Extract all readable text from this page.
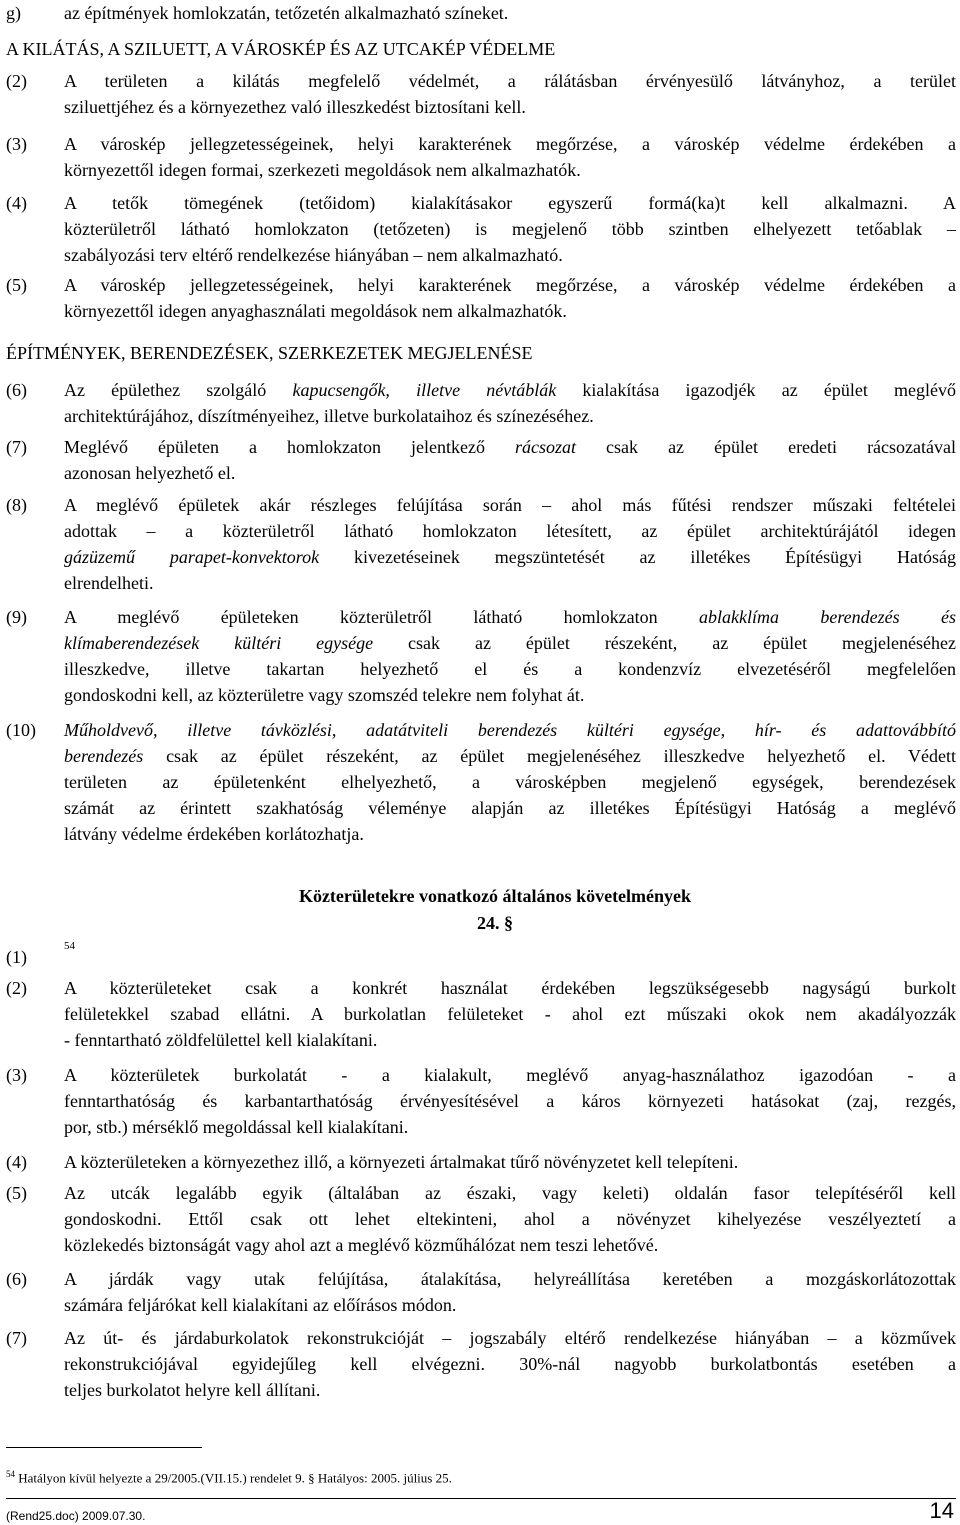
g) az építmények homlokzatán, tetőzetén alkalmazható színeket.
A KILÁTÁS, A SZILUETT, A VÁROSKÉP ÉS AZ UTCAKÉP VÉDELME
(2) A területen a kilátás megfelelő védelmét, a rálátásban érvényesülő látványhoz, a terület
sziluettjéhez és a környezethez való illeszkedést biztosítani kell.
(3) A városkép jellegzetességeinek, helyi karakterének megőrzése, a városkép védelme érdekében a
környezettől idegen formai, szerkezeti megoldások nem alkalmazhatók.
(4) A tetők tömegének (tetőidom) kialakításakor egyszerű formá(ka)t kell alkalmazni. A
közterületről látható homlokzaton (tetőzeten) is megjelenő több szintben elhelyezett tetőablak –
szabályozási terv eltérő rendelkezése hiányában – nem alkalmazható.
(5) A városkép jellegzetességeinek, helyi karakterének megőrzése, a városkép védelme érdekében a
környezettől idegen anyaghasználati megoldások nem alkalmazhatók.
ÉPÍTMÉNYEK, BERENDEZÉSEK, SZERKEZETEK MEGJELENÉSE
(6) Az épülethez szolgáló kapucsengők, illetve névtáblák kialakítása igazodjék az épület meglévő
architektúrájához, díszítményeihez, illetve burkolataihoz és színezéséhez.
(7) Meglévő épületen a homlokzaton jelentkező rácsozat csak az épület eredeti rácsozatával
azonosan helyezhető el.
(8) A meglévő épületek akár részleges felújítása során – ahol más fűtési rendszer műszaki feltételei
adottak – a közterületről látható homlokzaton létesített, az épület architektúrájától idegen
gázüzemű parapet-konvektorok kivezetéseinek megszüntetését az illetékes Építésügyi Hatóság
elrendelheti.
(9) A meglévő épületeken közterületről látható homlokzaton ablakklíma berendezés és
klímaberendezések kültéri egysége csak az épület részeként, az épület megjelenéséhez
illeszkedve, illetve takartan helyezhető el és a kondenzvíz elvezetéséről megfelelően
gondoskodni kell, az közterületre vagy szomszéd telekre nem folyhat át.
(10) Műholdvevő, illetve távközlési, adatátviteli berendezés kültéri egysége, hír- és adattovábbító
berendezés csak az épület részeként, az épület megjelenéséhez illeszkedve helyezhető el. Védett
területen az épületenként elhelyezhető, a városképben megjelenő egységek, berendezések
számát az érintett szakhatóság véleménye alapján az illetékes Építésügyi Hatóság a meglévő
látvány védelme érdekében korlátozhatja.
Közterületekre vonatkozó általános követelmények
24. §
(1)
54
(2) A közterületeket csak a konkrét használat érdekében legszükségesebb nagyságú burkolt
felületekkel szabad ellátni. A burkolatlan felületeket - ahol ezt műszaki okok nem akadályozzák
- fenntartható zöldfelülettel kell kialakítani.
(3) A közterületek burkolatát - a kialakult, meglévő anyag-használathoz igazodóan - a
fenntarthatóság és karbantarthatóság érvényesítésével a káros környezeti hatásokat (zaj, rezgés,
por, stb.) mérséklő megoldással kell kialakítani.
(4) A közterületeken a környezethez illő, a környezeti ártalmakat tűrő növényzetet kell telepíteni.
(5) Az utcák legalább egyik (általában az északi, vagy keleti) oldalán fasor telepítéséről kell
gondoskodni. Ettől csak ott lehet eltekinteni, ahol a növényzet kihelyezése veszélyeztetí a
közlekedés biztonságát vagy ahol azt a meglévő közműhálózat nem teszi lehetővé.
(6) A járdák vagy utak felújítása, átalakítása, helyreállítása keretében a mozgáskorlátozottak
számára feljárókat kell kialakítani az előírásos módon.
(7) Az út- és járdaburkolatok rekonstrukcióját – jogszabály eltérő rendelkezése hiányában – a közművek
rekonstrukciójával egyidejűleg kell elvégezni. 30%-nál nagyobb burkolatbontás esetében a
teljes burkolatot helyre kell állítani.
$^{54}$ Hatályon kívül helyezte a 29/2005.(VII.15.) rendelet 9. § Hatályos: 2005. július 25.
(Rend25.doc) 2009.07.30.	14
